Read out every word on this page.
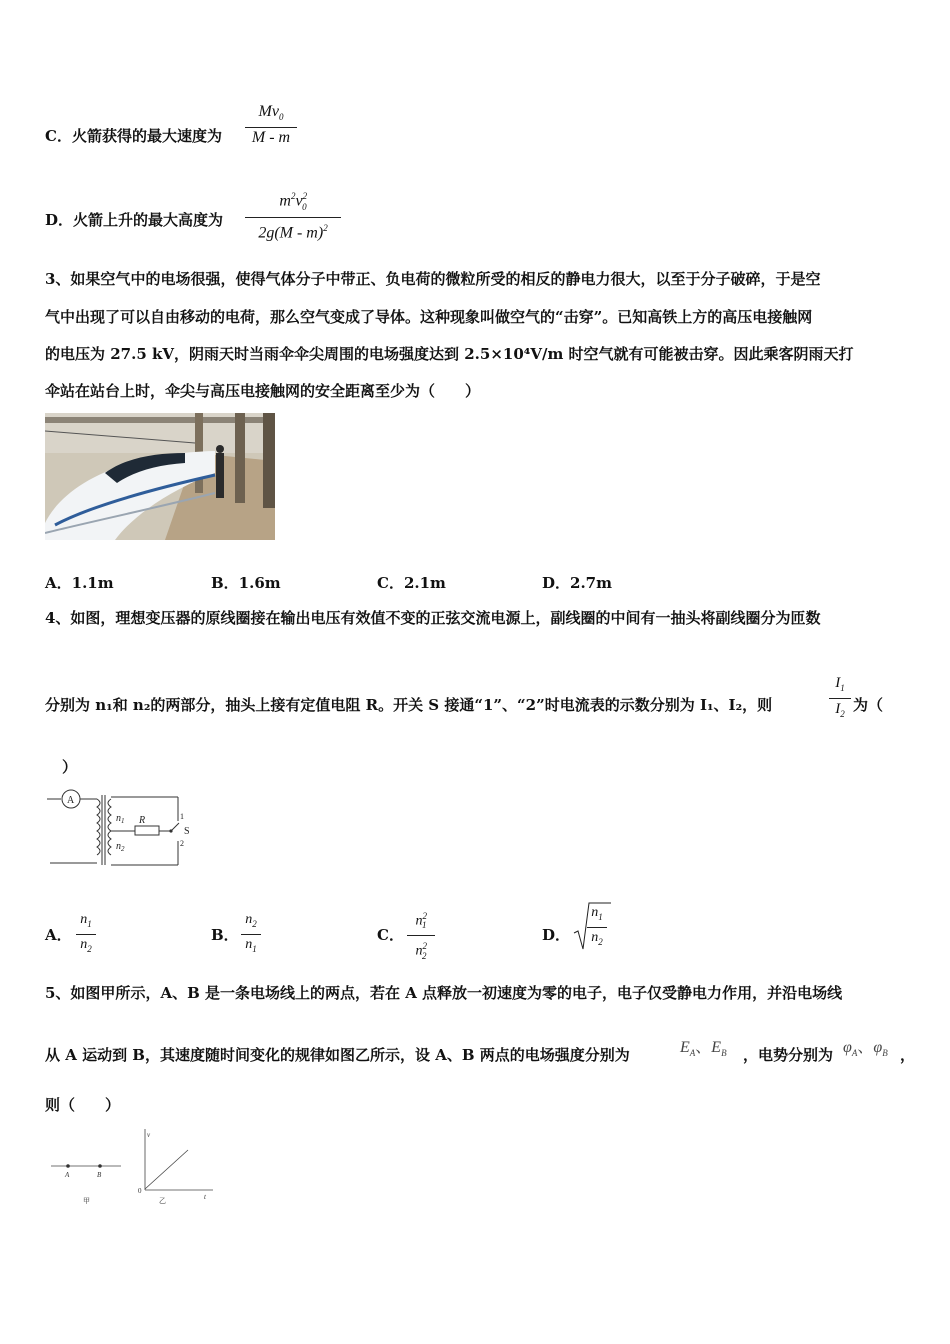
C．火箭获得的最大速度为
$Mv_0$
M - m
D．火箭上升的最大高度为
$m^2v^2_0$
2g(M - m)$^2$
3、如果空气中的电场很强，使得气体分子中带正、负电荷的微粒所受的相反的静电力很大，以至于分子破碎，于是空
气中出现了可以自由移动的电荷，那么空气变成了导体。这种现象叫做空气的“击穿”。已知高铁上方的高压电接触网
的电压为 27.5 kV，阴雨天时当雨伞伞尖周围的电场强度达到 2.5×10⁴V/m 时空气就有可能被击穿。因此乘客阴雨天打
伞站在站台上时，伞尖与高压电接触网的安全距离至少为（　　）
A．1.1m	B．1.6m	C．2.1m	D．2.7m
4、如图，理想变压器的原线圈接在输出电压有效值不变的正弦交流电源上，副线圈的中间有一抽头将副线圈分为匝数
分别为 n₁和 n₂的两部分，抽头上接有定值电阻 R。开关 S 接通“1”、“2”时电流表的示数分别为 I₁、I₂，则
$I_1$
$I_2$ 为（
）
A
$n_1$
$n_2$
R	1
2
S
A．
$n_1$
$n_2$
B．
$n_2$
$n_1$
C．
$n^2_1$
$n^2_2$
D．
$n_1$
$n_2$
5、如图甲所示，A、B 是一条电场线上的两点，若在 A 点释放一初速度为零的电子，电子仅受静电力作用，并沿电场线
从 A 运动到 B，其速度随时间变化的规律如图乙所示，设 A、B 两点的电场强度分别为	$E_A$、$E_B$ ，电势分别为 $\varphi_A$、$\varphi_B$ ，
则（　　）
A	B
甲
v
t
0
乙
